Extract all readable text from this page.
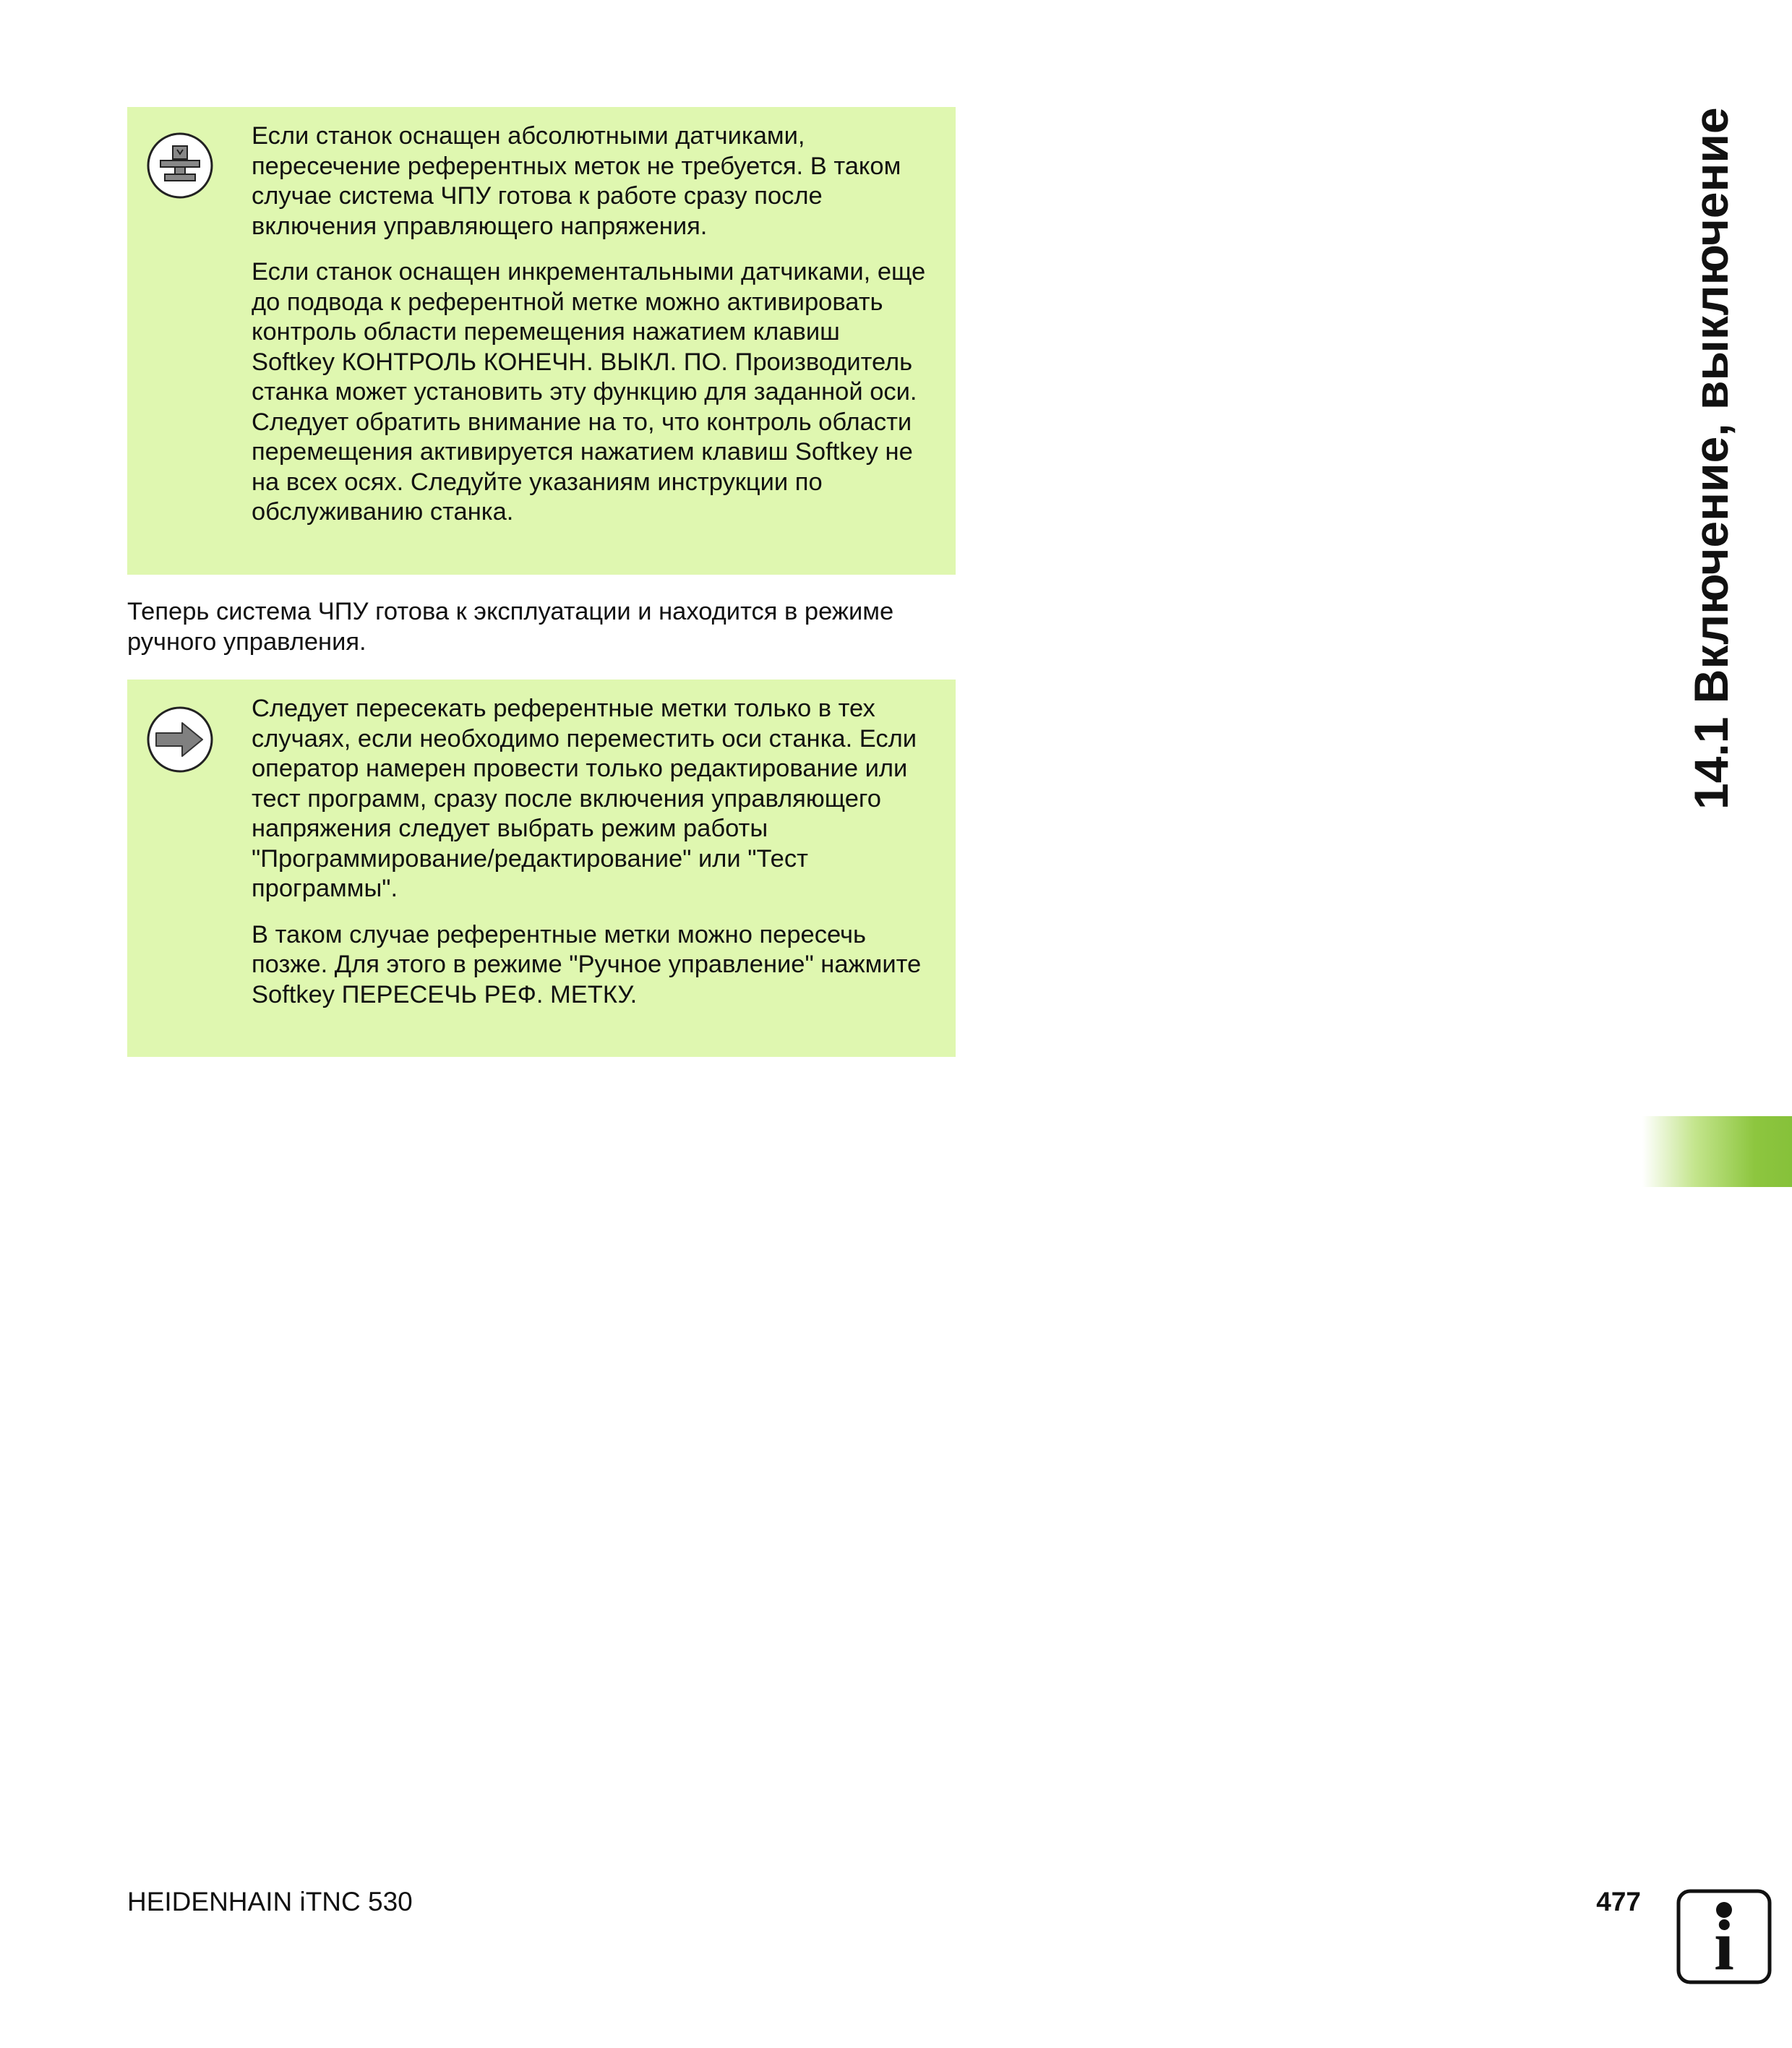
Если станок оснащен абсолютными датчиками, пересечение референтных меток не требуется. В таком случае система ЧПУ готова к работе сразу после включения управляющего напряжения.

Если станок оснащен инкрементальными датчиками, еще до подвода к референтной метке можно активировать контроль области перемещения нажатием клавиш Softkey КОНТРОЛЬ КОНЕЧН. ВЫКЛ. ПО. Производитель станка может установить эту функцию для заданной оси. Следует обратить внимание на то, что контроль области перемещения активируется нажатием клавиш Softkey не на всех осях. Следуйте указаниям инструкции по обслуживанию станка.

Теперь система ЧПУ готова к эксплуатации и находится в режиме ручного управления.

Следует пересекать референтные метки только в тех случаях, если необходимо переместить оси станка. Если оператор намерен провести только редактирование или тест программ, сразу после включения управляющего напряжения следует выбрать режим работы "Программирование/редактирование" или "Тест программы".

В таком случае референтные метки можно пересечь позже. Для этого в режиме "Ручное управление" нажмите Softkey ПЕРЕСЕЧЬ РЕФ. МЕТКУ.

14.1 Включение, выключение
HEIDENHAIN iTNC 530	477
i
